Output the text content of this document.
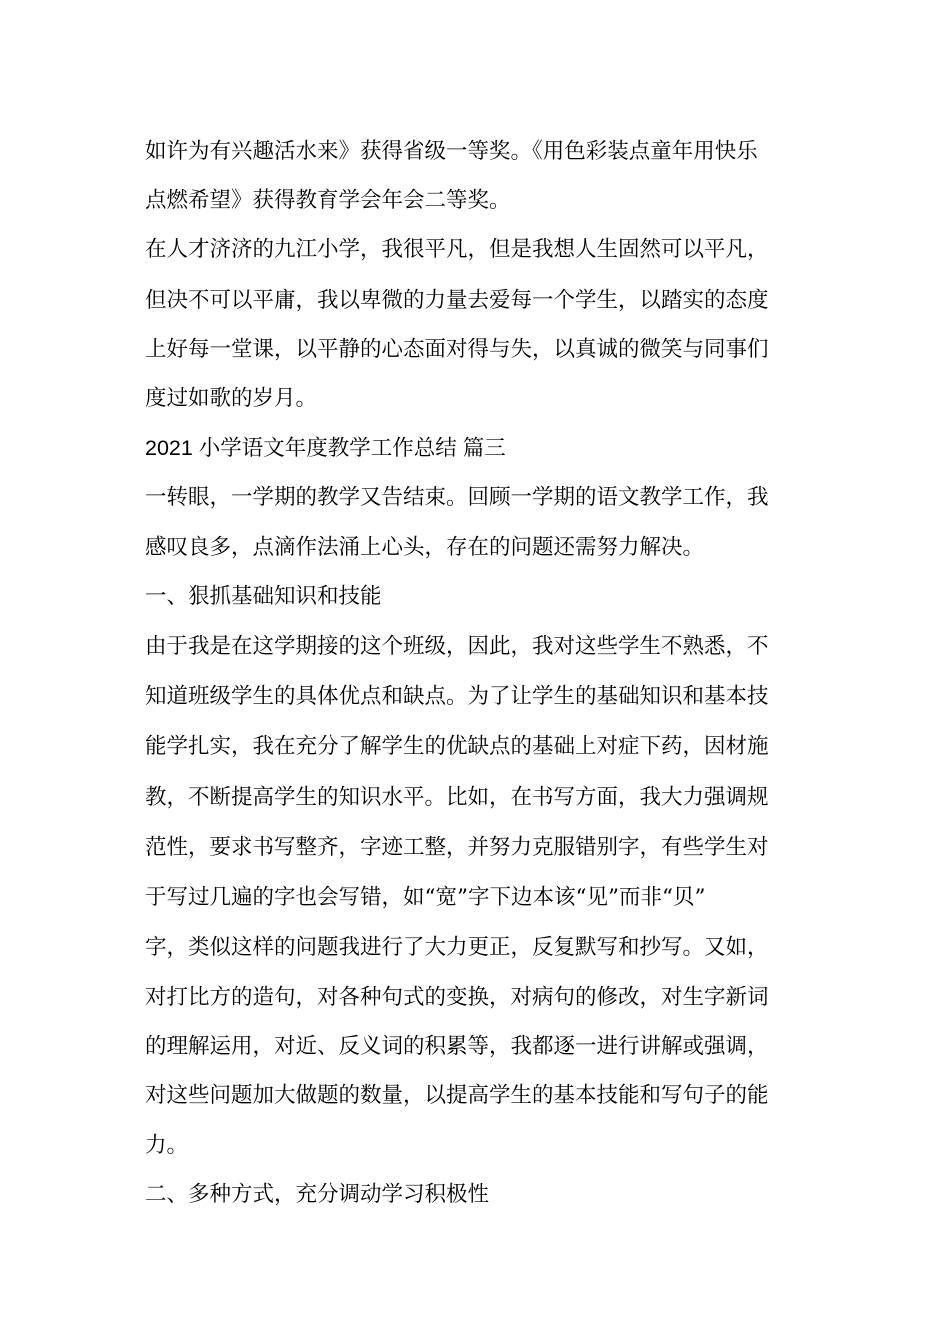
如许为有兴趣活水来》获得省级一等奖。《用色彩装点童年用快乐
点燃希望》获得教育学会年会二等奖。
在人才济济的九江小学，我很平凡，但是我想人生固然可以平凡，
但决不可以平庸，我以卑微的力量去爱每一个学生，以踏实的态度
上好每一堂课，以平静的心态面对得与失，以真诚的微笑与同事们
度过如歌的岁月。
2021 小学语文年度教学工作总结 篇三
一转眼，一学期的教学又告结束。回顾一学期的语文教学工作，我
感叹良多，点滴作法涌上心头，存在的问题还需努力解决。
一、狠抓基础知识和技能
由于我是在这学期接的这个班级，因此，我对这些学生不熟悉，不
知道班级学生的具体优点和缺点。为了让学生的基础知识和基本技
能学扎实，我在充分了解学生的优缺点的基础上对症下药，因材施
教，不断提高学生的知识水平。比如，在书写方面，我大力强调规
范性，要求书写整齐，字迹工整，并努力克服错别字，有些学生对
于写过几遍的字也会写错，如“宽”字下边本该“见”而非“贝”
字，类似这样的问题我进行了大力更正，反复默写和抄写。又如，
对打比方的造句，对各种句式的变换，对病句的修改，对生字新词
的理解运用，对近、反义词的积累等，我都逐一进行讲解或强调，
对这些问题加大做题的数量，以提高学生的基本技能和写句子的能
力。
二、多种方式，充分调动学习积极性
